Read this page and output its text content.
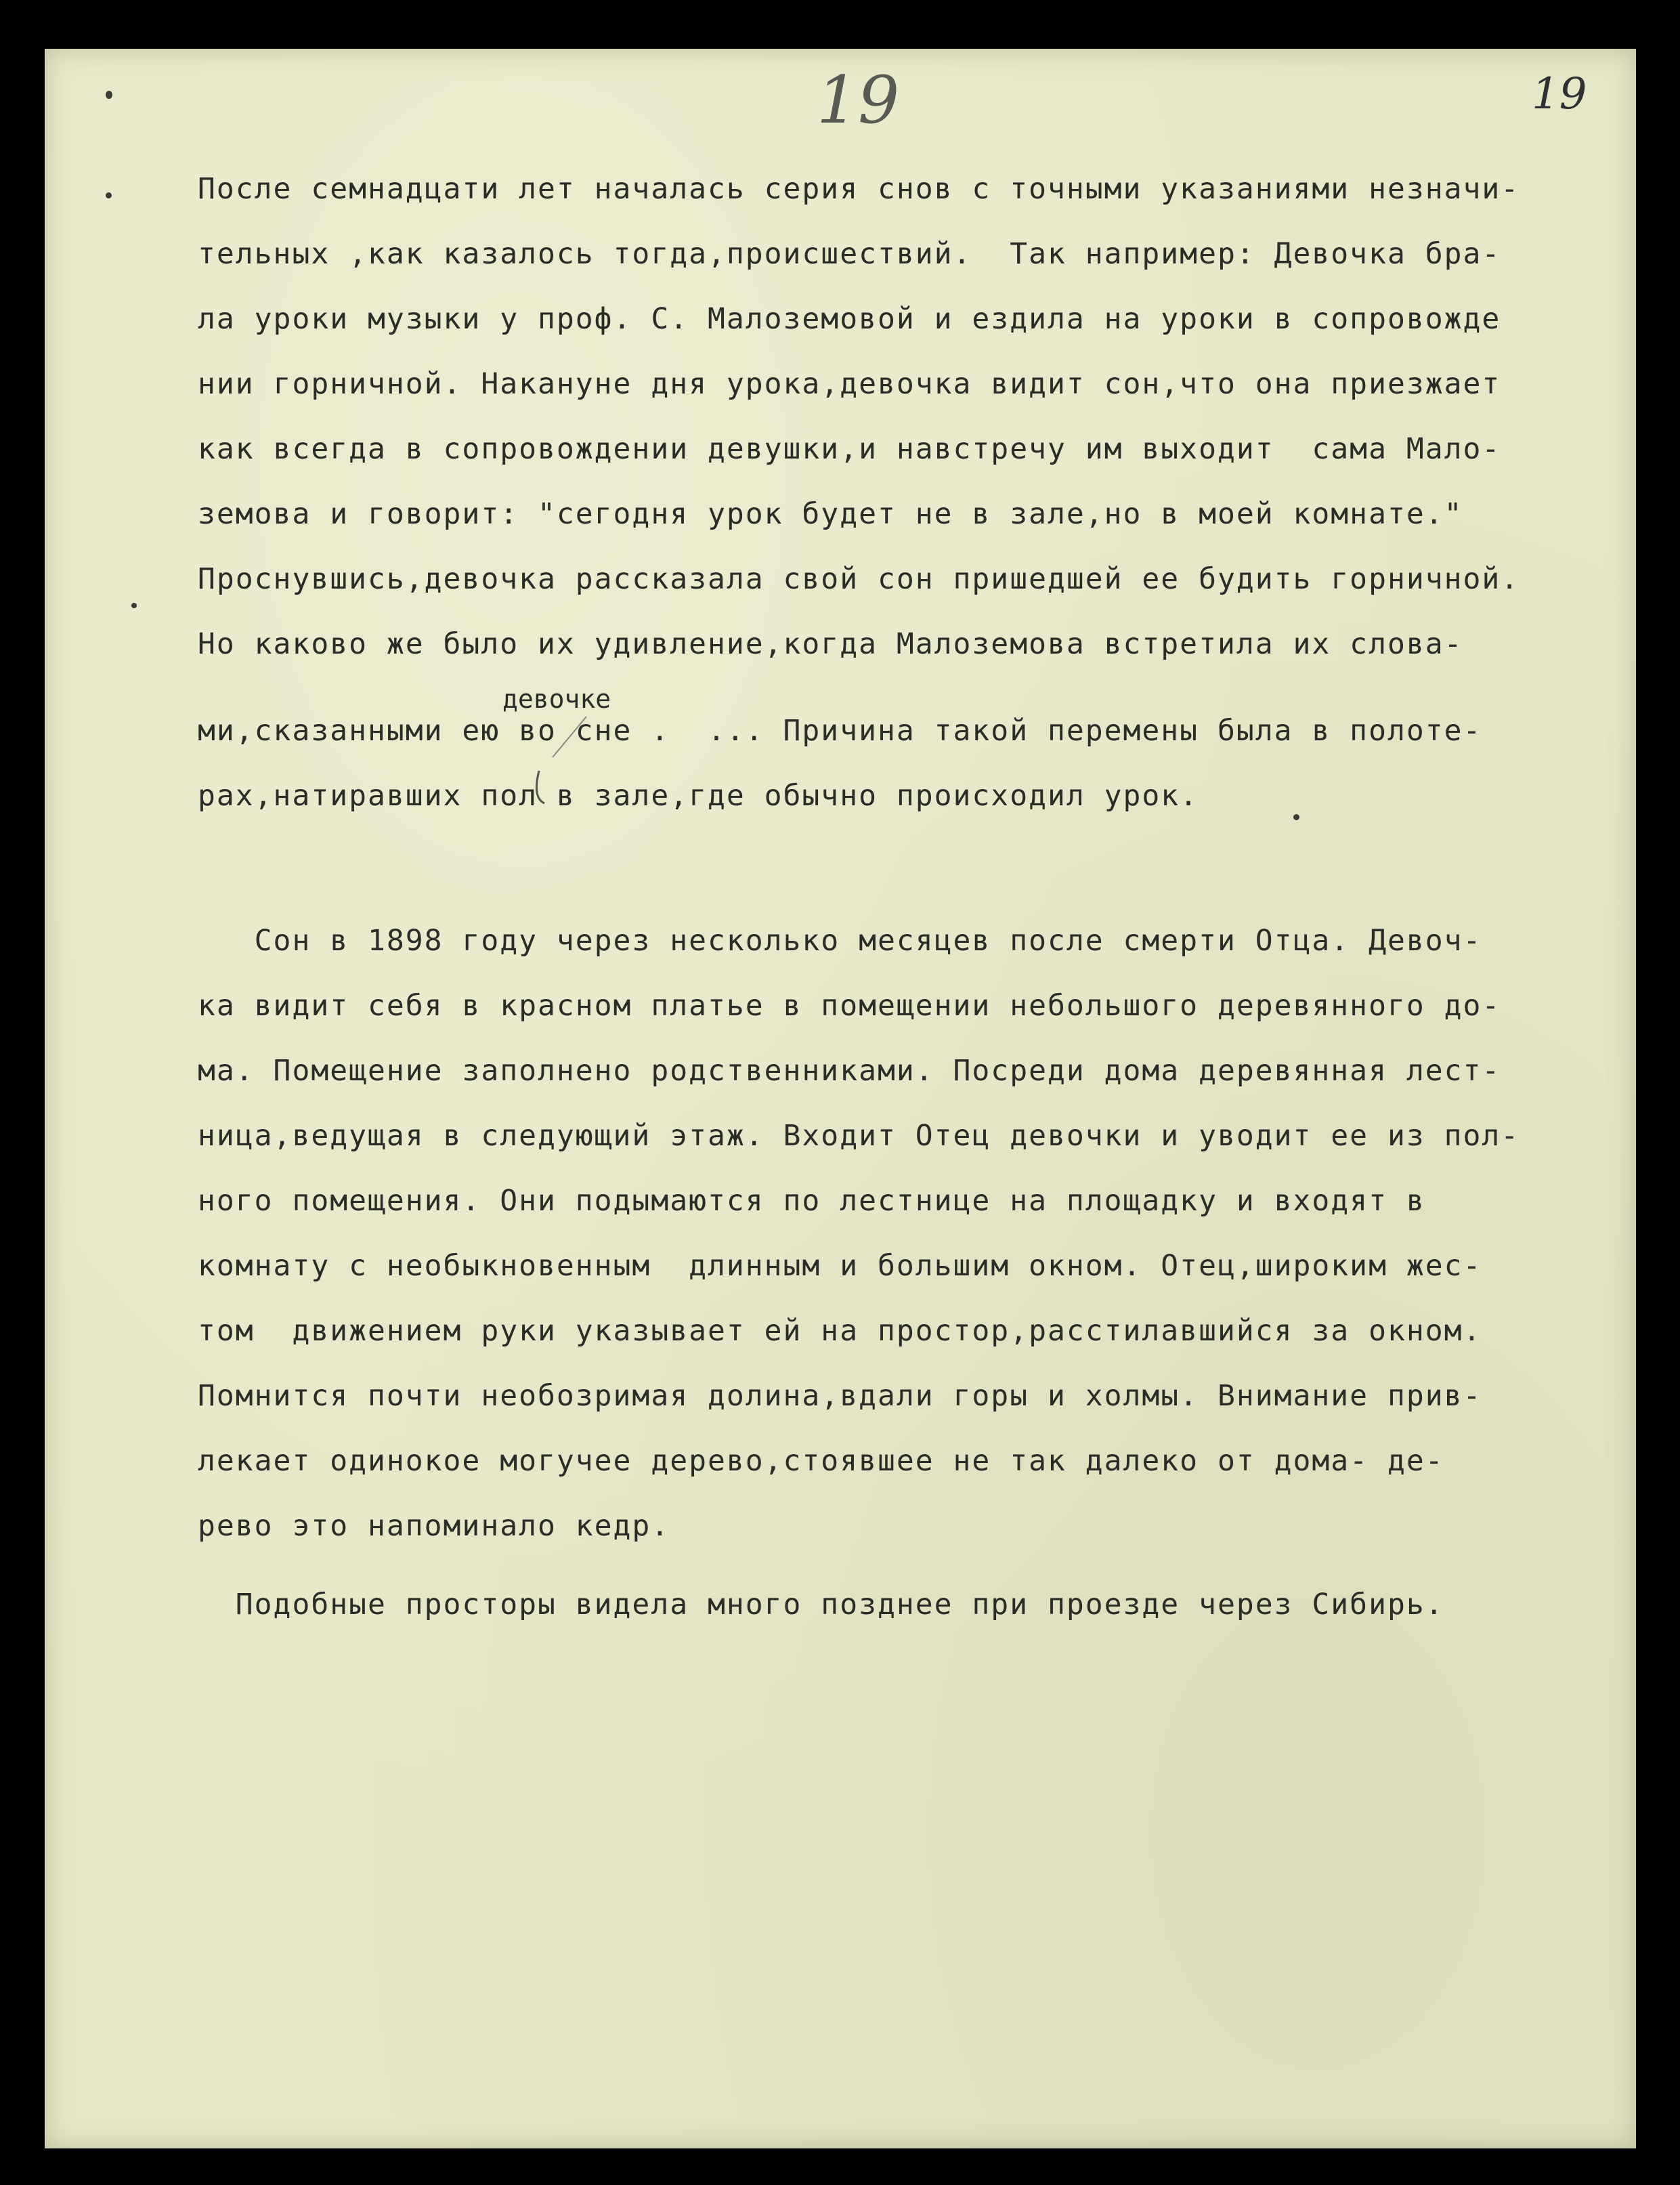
19	19
После семнадцати лет началась серия снов с точными указаниями незначи-
тельных ,как казалось тогда,происшествий.  Так например: Девочка бра-
ла уроки музыки у проф. С. Малоземовой и ездила на уроки в сопровожде
нии горничной. Накануне дня урока,девочка видит сон,что она приезжает
как всегда в сопровождении девушки,и навстречу им выходит  сама Мало-
земова и говорит: "сегодня урок будет не в зале,но в моей комнате."
Проснувшись,девочка рассказала свой сон пришедшей ее будить горничной.
Но каково же было их удивление,когда Малоземова встретила их слова-
девочке
ми,сказанными ею во сне .  ... Причина такой перемены была в полоте-
рах,натиравших пол в зале,где обычно происходил урок.
Сон в 1898 году через несколько месяцев после смерти Отца. Девоч-
ка видит себя в красном платье в помещении небольшого деревянного до-
ма. Помещение заполнено родственниками. Посреди дома деревянная лест-
ница,ведущая в следующий этаж. Входит Отец девочки и уводит ее из пол-
ного помещения. Они подымаются по лестнице на площадку и входят в
комнату с необыкновенным  длинным и большим окном. Отец,широким жес-
том  движением руки указывает ей на простор,расстилавшийся за окном.
Помнится почти необозримая долина,вдали горы и холмы. Внимание прив-
лекает одинокое могучее дерево,стоявшее не так далеко от дома- де-
рево это напоминало кедр.
Подобные просторы видела много позднее при проезде через Сибирь.
